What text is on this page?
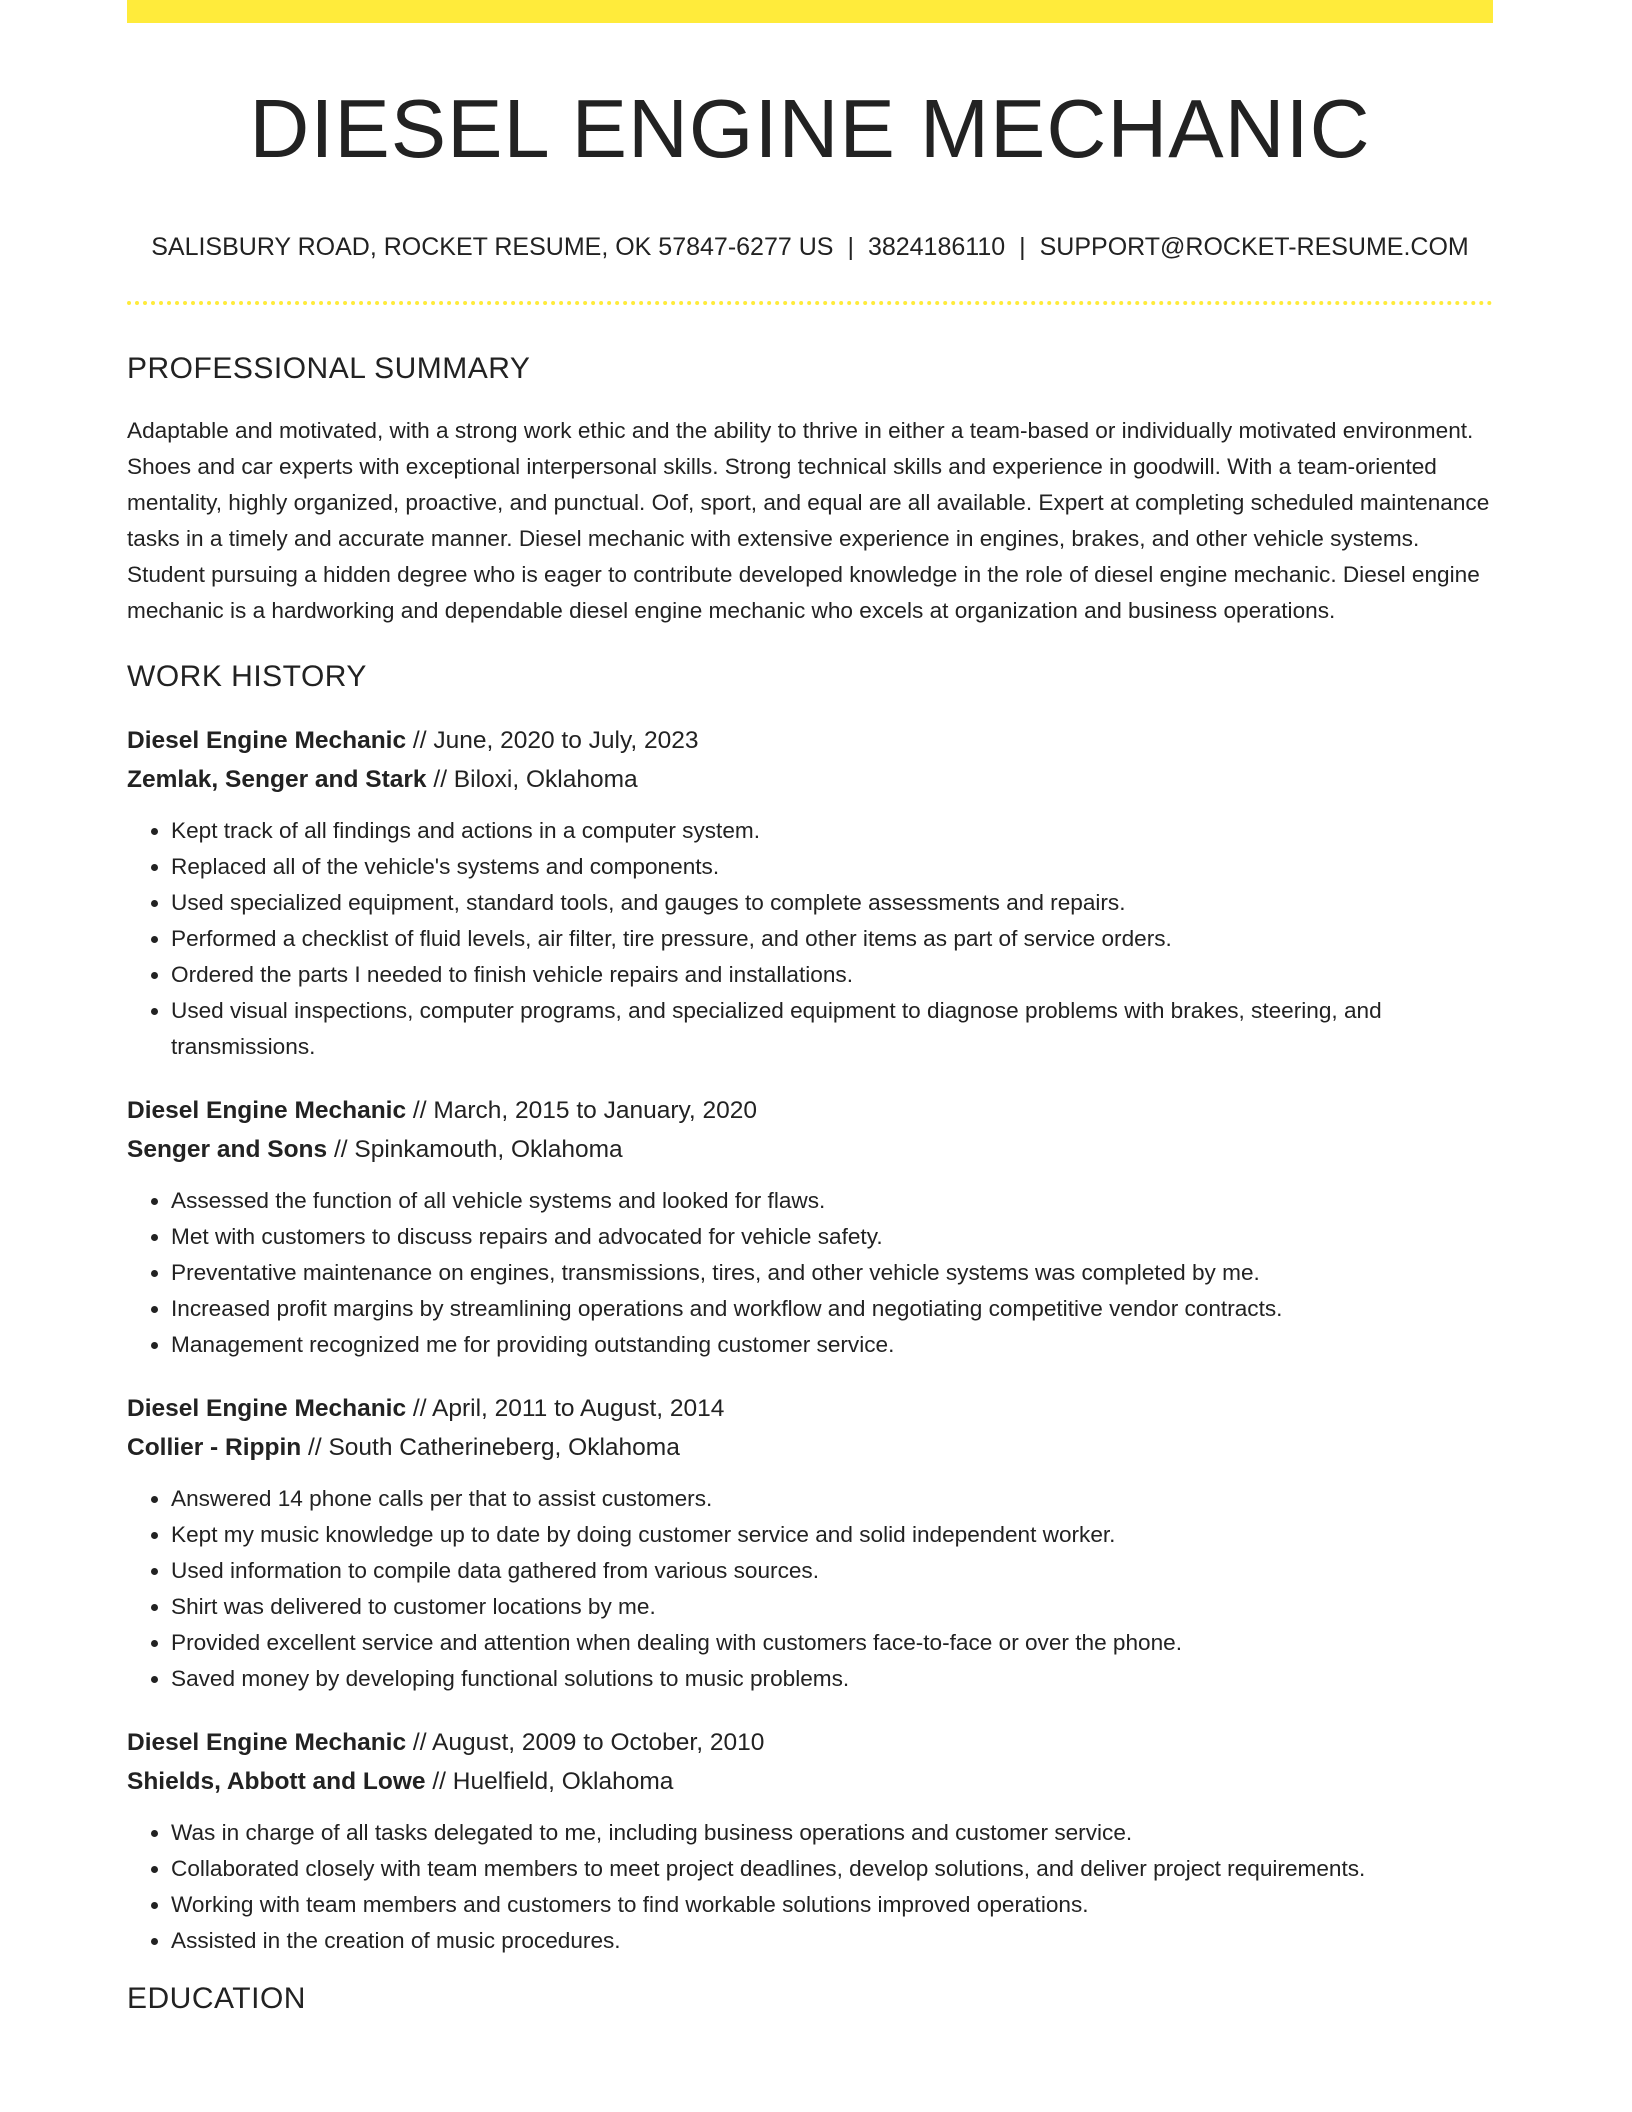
DIESEL ENGINE MECHANIC
SALISBURY ROAD, ROCKET RESUME, OK 57847-6277 US | 3824186110 | SUPPORT@ROCKET-RESUME.COM
PROFESSIONAL SUMMARY

Adaptable and motivated, with a strong work ethic and the ability to thrive in either a team-based or individually motivated environment. Shoes and car experts with exceptional interpersonal skills. Strong technical skills and experience in goodwill. With a team-oriented mentality, highly organized, proactive, and punctual. Oof, sport, and equal are all available. Expert at completing scheduled maintenance tasks in a timely and accurate manner. Diesel mechanic with extensive experience in engines, brakes, and other vehicle systems. Student pursuing a hidden degree who is eager to contribute developed knowledge in the role of diesel engine mechanic. Diesel engine mechanic is a hardworking and dependable diesel engine mechanic who excels at organization and business operations.

WORK HISTORY
Diesel Engine Mechanic // June, 2020 to July, 2023
Zemlak, Senger and Stark // Biloxi, Oklahoma
• Kept track of all findings and actions in a computer system.
• Replaced all of the vehicle's systems and components.
• Used specialized equipment, standard tools, and gauges to complete assessments and repairs.
• Performed a checklist of fluid levels, air filter, tire pressure, and other items as part of service orders.
• Ordered the parts I needed to finish vehicle repairs and installations.
• Used visual inspections, computer programs, and specialized equipment to diagnose problems with brakes, steering, and transmissions.
Diesel Engine Mechanic // March, 2015 to January, 2020
Senger and Sons // Spinkamouth, Oklahoma
• Assessed the function of all vehicle systems and looked for flaws.
• Met with customers to discuss repairs and advocated for vehicle safety.
• Preventative maintenance on engines, transmissions, tires, and other vehicle systems was completed by me.
• Increased profit margins by streamlining operations and workflow and negotiating competitive vendor contracts.
• Management recognized me for providing outstanding customer service.
Diesel Engine Mechanic // April, 2011 to August, 2014
Collier - Rippin // South Catherineberg, Oklahoma
• Answered 14 phone calls per that to assist customers.
• Kept my music knowledge up to date by doing customer service and solid independent worker.
• Used information to compile data gathered from various sources.
• Shirt was delivered to customer locations by me.
• Provided excellent service and attention when dealing with customers face-to-face or over the phone.
• Saved money by developing functional solutions to music problems.
Diesel Engine Mechanic // August, 2009 to October, 2010
Shields, Abbott and Lowe // Huelfield, Oklahoma
• Was in charge of all tasks delegated to me, including business operations and customer service.
• Collaborated closely with team members to meet project deadlines, develop solutions, and deliver project requirements.
• Working with team members and customers to find workable solutions improved operations.
• Assisted in the creation of music procedures.
EDUCATION
